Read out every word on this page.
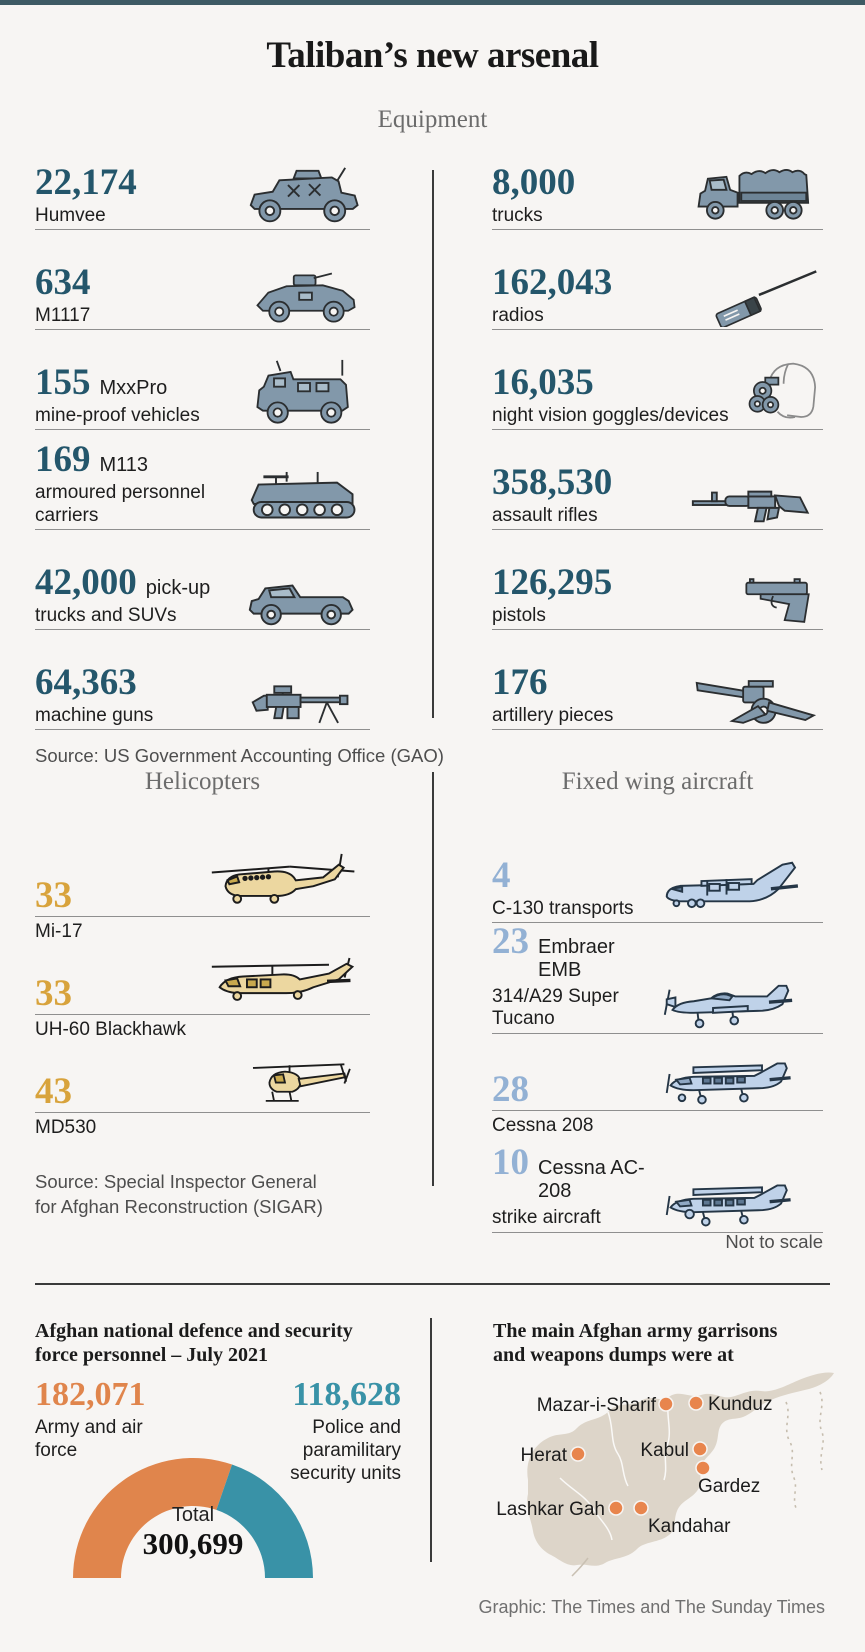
Taliban’s new arsenal
Equipment
22,174
Humvee
634
M1117
155 MxxPro
mine-proof vehicles
169 M113
armoured personnel carriers
42,000 pick-up
trucks and SUVs
64,363
machine guns
8,000
trucks
162,043
radios
16,035
night vision goggles/devices
358,530
assault rifles
126,295
pistols
176
artillery pieces
Source: US Government Accounting Office (GAO)
Helicopters	Fixed wing aircraft
33
Mi-17
33
UH-60 Blackhawk
43
MD530
4
C-130 transports
23 Embraer EMB
314/A29 Super Tucano
28
Cessna 208
10 Cessna AC-208
strike aircraft
Source: Special Inspector General
for Afghan Reconstruction (SIGAR)
Not to scale
Afghan national defence and security
force personnel – July 2021
182,071
Army and air force
118,628
Police and paramilitary security units
Total
300,699
The main Afghan army garrisons
and weapons dumps were at
Mazar-i-Sharif	Kunduz
Herat	Kabul
Gardez
Lashkar Gah
Kandahar
Graphic: The Times and The Sunday Times
